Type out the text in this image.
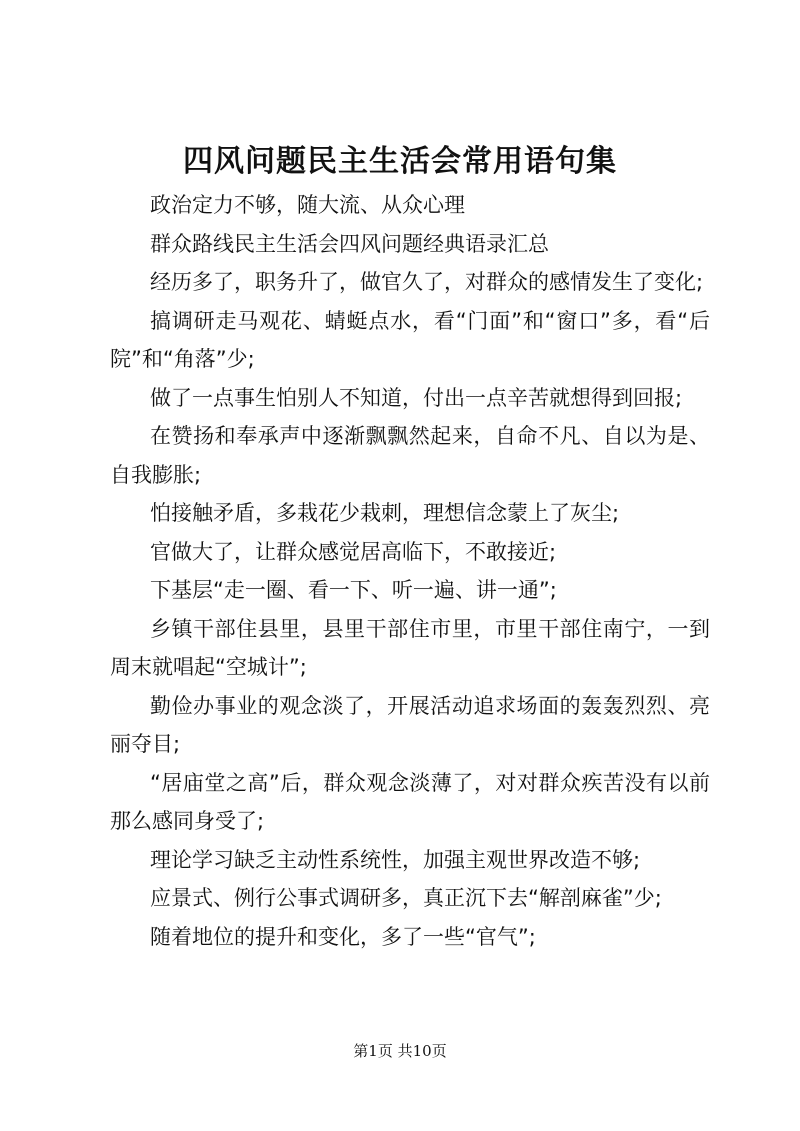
四风问题民主生活会常用语句集

政治定力不够，随大流、从众心理

群众路线民主生活会四风问题经典语录汇总

经历多了，职务升了，做官久了，对群众的感情发生了变化;

搞调研走马观花、蜻蜓点水，看“门面”和“窗口”多，看“后院”和“角落”少;

做了一点事生怕别人不知道，付出一点辛苦就想得到回报;

在赞扬和奉承声中逐渐飘飘然起来，自命不凡、自以为是、自我膨胀;

怕接触矛盾，多栽花少栽刺，理想信念蒙上了灰尘;

官做大了，让群众感觉居高临下，不敢接近;

下基层“走一圈、看一下、听一遍、讲一通”;

乡镇干部住县里，县里干部住市里，市里干部住南宁，一到周末就唱起“空城计”;

勤俭办事业的观念淡了，开展活动追求场面的轰轰烈烈、亮丽夺目;

“居庙堂之高”后，群众观念淡薄了，对对群众疾苦没有以前那么感同身受了;

理论学习缺乏主动性系统性，加强主观世界改造不够;

应景式、例行公事式调研多，真正沉下去“解剖麻雀”少;

随着地位的提升和变化，多了一些“官气”;

第1页 共10页
